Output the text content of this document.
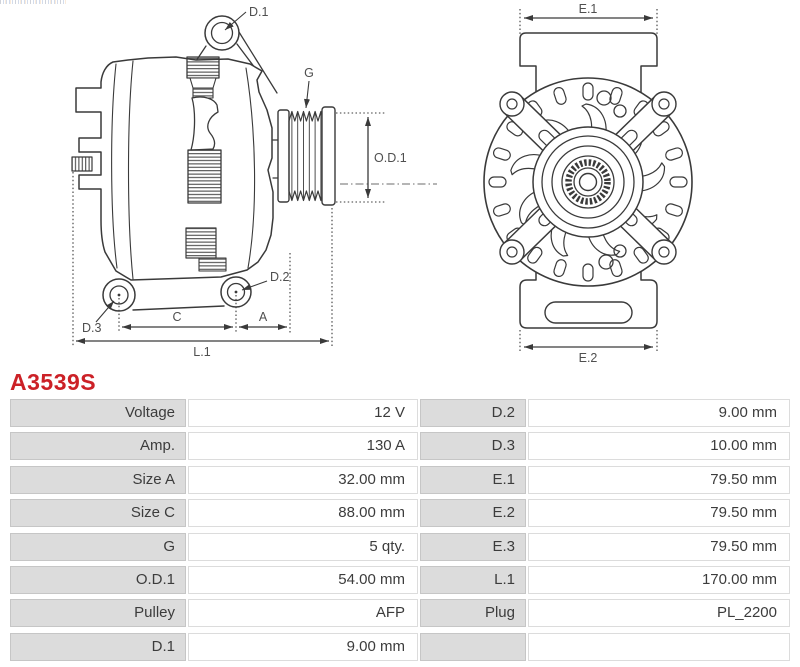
D.1
G
O.D.1
D.2
D.3
C	A
L.1
E.1
E.2
A3539S
Voltage	12 V	D.2	9.00 mm
Amp.	130 A	D.3	10.00 mm
Size A	32.00 mm	E.1	79.50 mm
Size C	88.00 mm	E.2	79.50 mm
G	5 qty.	E.3	79.50 mm
O.D.1	54.00 mm	L.1	170.00 mm
Pulley	AFP	Plug	PL_2200
D.1	9.00 mm
